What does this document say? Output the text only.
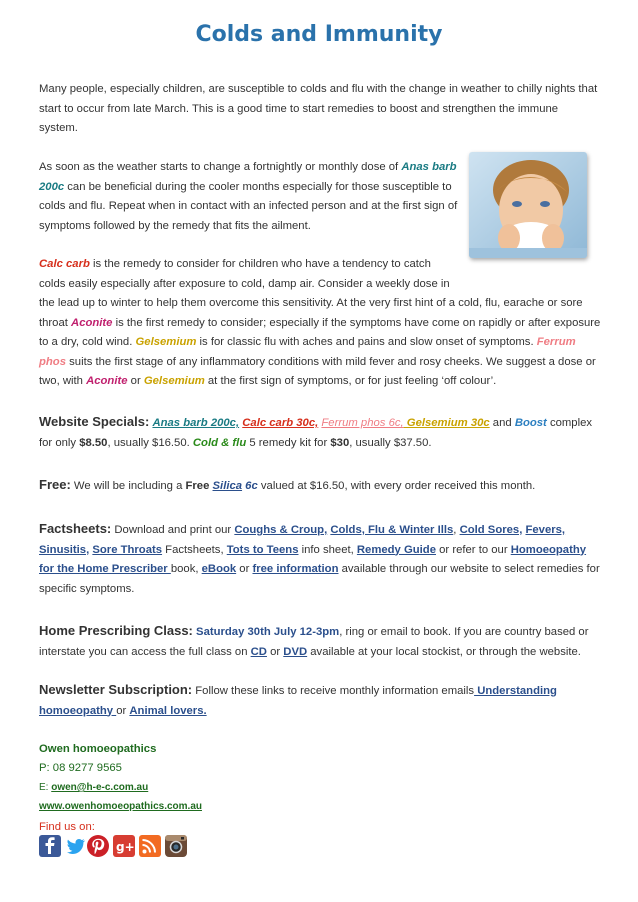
Colds and Immunity
Many people, especially children, are susceptible to colds and flu with the change in weather to chilly nights that
start to occur from late March. This is a good time to start remedies to boost and strengthen the immune
system.
As soon as the weather starts to change a fortnightly or monthly dose of Anas barb
200c can be beneficial during the cooler months especially for those susceptible to
colds and flu. Repeat when in contact with an infected person and at the first sign of
symptoms followed by the remedy that fits the ailment.
Calc carb is the remedy to consider for children who have a tendency to catch
colds easily especially after exposure to cold, damp air. Consider a weekly dose in
the lead up to winter to help them overcome this sensitivity. At the very first hint of a cold, flu, earache or sore
throat Aconite is the first remedy to consider; especially if the symptoms have come on rapidly or after exposure
to a dry, cold wind. Gelsemium is for classic flu with aches and pains and slow onset of symptoms. Ferrum
phos suits the first stage of any inflammatory conditions with mild fever and rosy cheeks. We suggest a dose or
two, with Aconite or Gelsemium at the first sign of symptoms, or for just feeling ‘off colour’.
Website Specials: Anas barb 200c, Calc carb 30c, Ferrum phos 6c, Gelsemium 30c and Boost complex
for only $8.50, usually $16.50. Cold & flu 5 remedy kit for $30, usually $37.50.
Free: We will be including a Free Silica 6c valued at $16.50, with every order received this month.
Factsheets: Download and print our Coughs & Croup, Colds, Flu & Winter Ills, Cold Sores, Fevers,
Sinusitis, Sore Throats Factsheets, Tots to Teens info sheet, Remedy Guide or refer to our Homoeopathy
for the Home Prescriber book, eBook or free information available through our website to select remedies for
specific symptoms.
Home Prescribing Class: Saturday 30th July 12-3pm, ring or email to book. If you are country based or
interstate you can access the full class on CD or DVD available at your local stockist, or through the website.
Newsletter Subscription: Follow these links to receive monthly information emails Understanding
homoeopathy or Animal lovers.
Owen homoeopathics
P: 08 9277 9565
E: owen@h-e-c.com.au
www.owenhomoeopathics.com.au
Find us on:
g+
